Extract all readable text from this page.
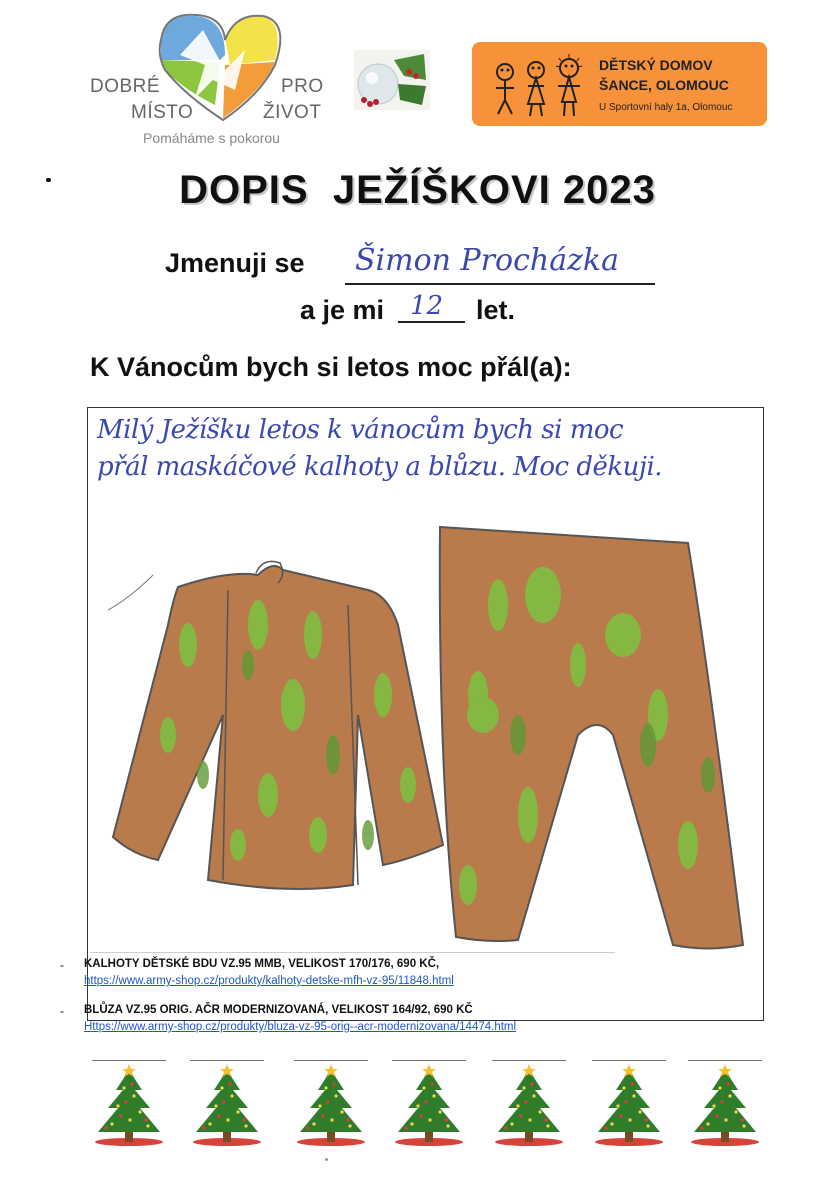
DOBRÉ
MÍSTO
PRO
ŽIVOT
Pomáháme s pokorou
DĚTSKÝ DOMOV
ŠANCE, OLOMOUC
U Sportovní haly 1a, Olomouc
DOPIS  JEŽÍŠKOVI 2023
Jmenuji se Šimon Procházka
a je mi 12 let.
K Vánocům bych si letos moc přál(a):
Milý Ježíšku letos k vánocům bych si moc
přál maskáčové kalhoty a blůzu. Moc děkuji.
- KALHOTY DĚTSKÉ BDU VZ.95 MMB, VELIKOST 170/176, 690 KČ,
https://www.army-shop.cz/produkty/kalhoty-detske-mfh-vz-95/11848.html
- BLŮZA VZ.95 ORIG. AČR MODERNIZOVANÁ, VELIKOST 164/92, 690 KČ
Https://www.army-shop.cz/produkty/bluza-vz-95-orig--acr-modernizovana/14474.html
